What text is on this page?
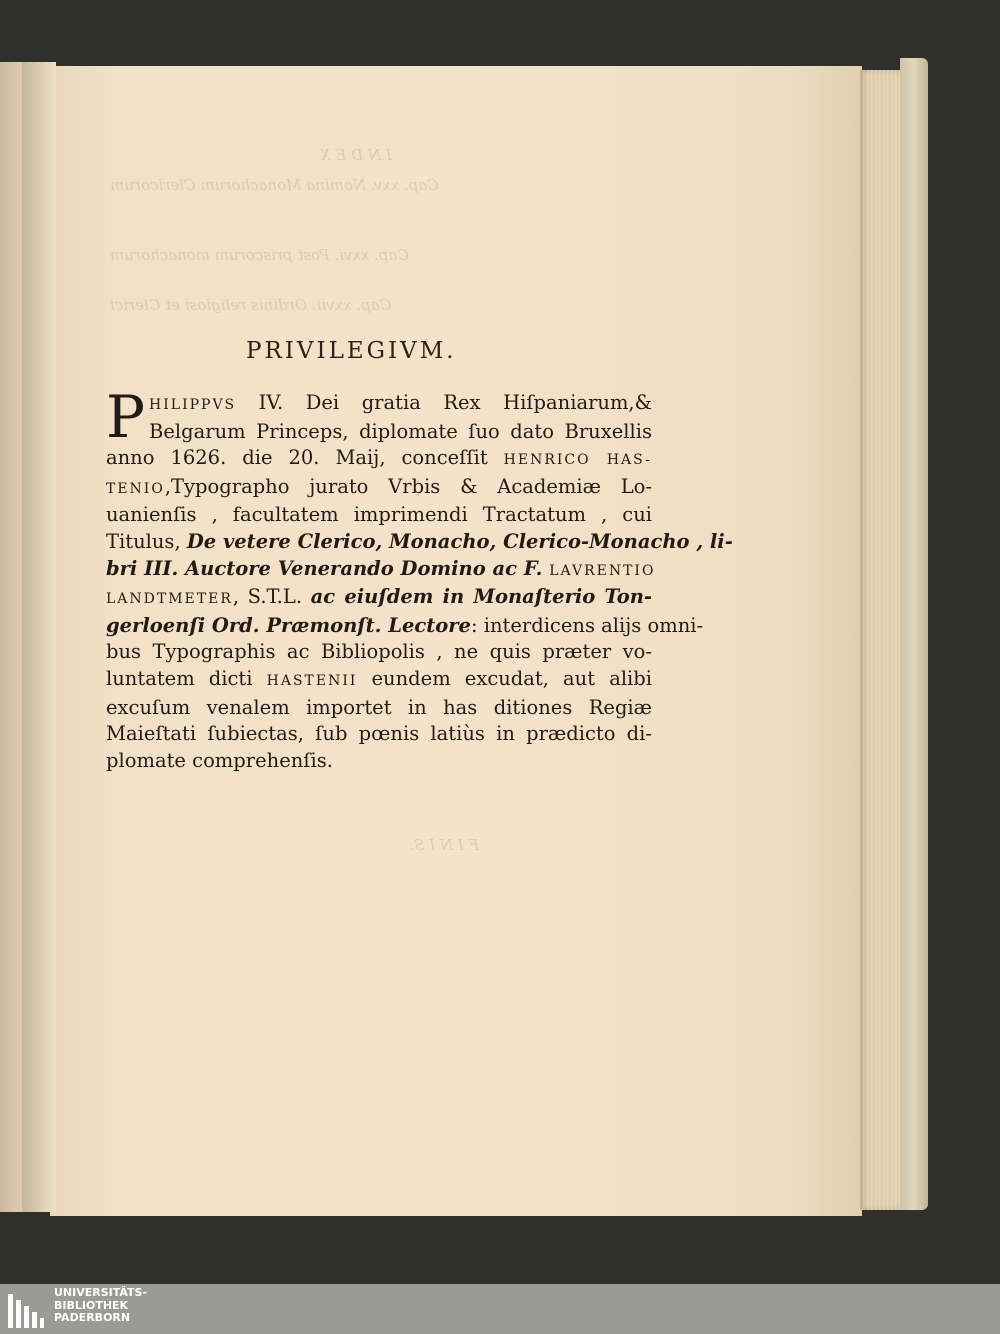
I N D E X
Cap. xxv. Nomina Monachorum Clericorum
Cap. xxvi. Post priscorum monachorum
Cap. xxvii. Ordinis religiosi et Clerici
F I N I S.
PRIVILEGIVM.
P HILIPPVS IV. Dei gratia Rex Hiſpaniarum,&
Belgarum Princeps, diplomate ſuo dato Bruxellis
anno 1626. die 20. Maij, conceſſit HENRICO HAS-
TENIO,Typographo jurato Vrbis & Academiæ Lo-
uanienſis , facultatem imprimendi Tractatum , cui
Titulus, De vetere Clerico, Monacho, Clerico-Monacho , li-
bri III. Auctore Venerando Domino ac F. LAVRENTIO
LANDTMETER, S.T.L. ac eiuſdem in Monaſterio Ton-
gerloenſi Ord. Præmonſt. Lectore: interdicens alijs omni-
bus Typographis ac Bibliopolis , ne quis præter vo-
luntatem dicti HASTENII eundem excudat, aut alibi
excuſum venalem importet in has ditiones Regiæ
Maieſtati ſubiectas, ſub pœnis latiùs in prædicto di-
plomate comprehenſis.
UNIVERSITÄTS-
BIBLIOTHEK
PADERBORN
